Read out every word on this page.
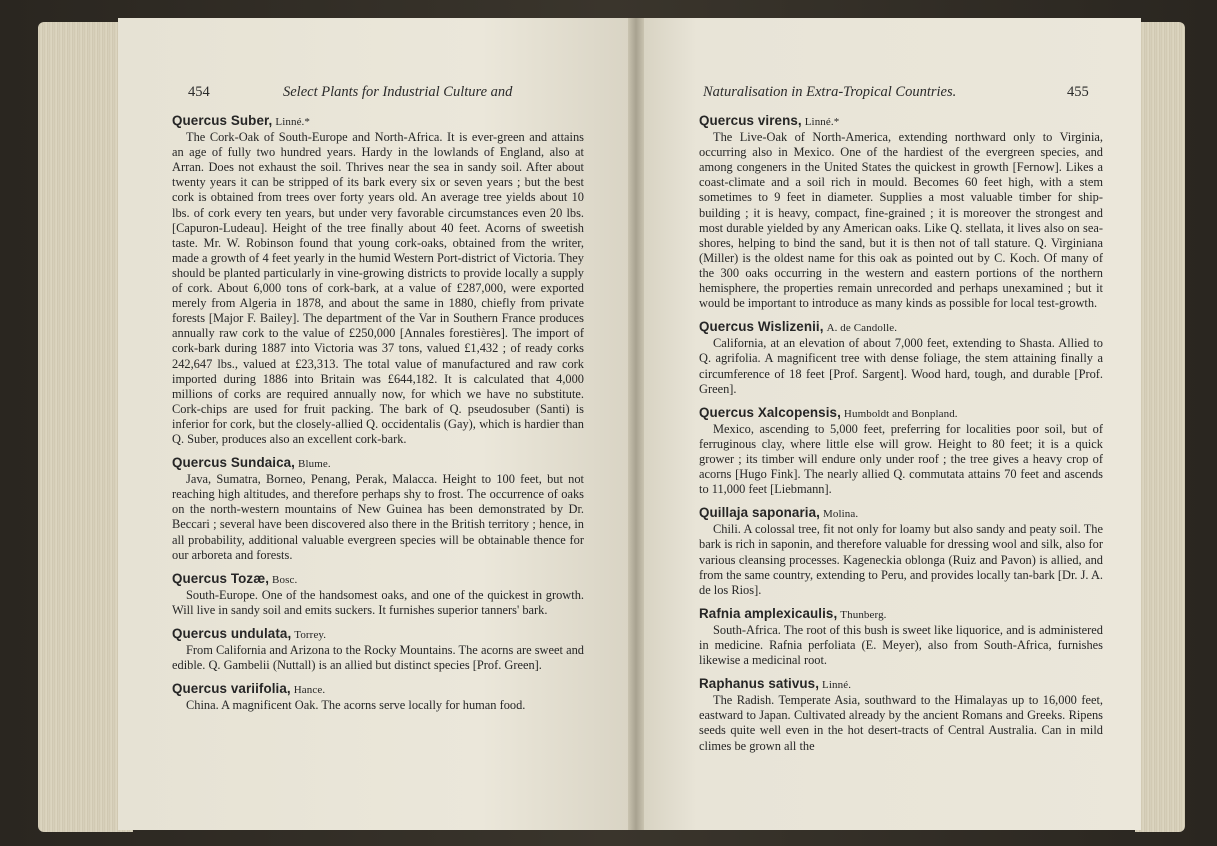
454	Select Plants for Industrial Culture and	Naturalisation in Extra-Tropical Countries.	455

Quercus Suber, Linné.*

The Cork-Oak of South-Europe and North-Africa. It is ever-green and attains an age of fully two hundred years. Hardy in the lowlands of England, also at Arran. Does not exhaust the soil. Thrives near the sea in sandy soil. After about twenty years it can be stripped of its bark every six or seven years ; but the best cork is obtained from trees over forty years old. An average tree yields about 10 lbs. of cork every ten years, but under very favorable circumstances even 20 lbs. [Capuron-Ludeau]. Height of the tree finally about 40 feet. Acorns of sweetish taste. Mr. W. Robinson found that young cork-oaks, obtained from the writer, made a growth of 4 feet yearly in the humid Western Port-district of Victoria. They should be planted particularly in vine-growing districts to provide locally a supply of cork. About 6,000 tons of cork-bark, at a value of £287,000, were exported merely from Algeria in 1878, and about the same in 1880, chiefly from private forests [Major F. Bailey]. The department of the Var in Southern France produces annually raw cork to the value of £250,000 [Annales forestières]. The import of cork-bark during 1887 into Victoria was 37 tons, valued £1,432 ; of ready corks 242,647 lbs., valued at £23,313. The total value of manufactured and raw cork imported during 1886 into Britain was £644,182. It is calculated that 4,000 millions of corks are required annually now, for which we have no substitute. Cork-chips are used for fruit packing. The bark of Q. pseudosuber (Santi) is inferior for cork, but the closely-allied Q. occidentalis (Gay), which is hardier than Q. Suber, produces also an excellent cork-bark.

Quercus Sundaica, Blume.

Java, Sumatra, Borneo, Penang, Perak, Malacca. Height to 100 feet, but not reaching high altitudes, and therefore perhaps shy to frost. The occurrence of oaks on the north-western mountains of New Guinea has been demonstrated by Dr. Beccari ; several have been discovered also there in the British territory ; hence, in all probability, additional valuable evergreen species will be obtainable thence for our arboreta and forests.

Quercus Tozæ, Bosc.

South-Europe. One of the handsomest oaks, and one of the quickest in growth. Will live in sandy soil and emits suckers. It furnishes superior tanners' bark.

Quercus undulata, Torrey.

From California and Arizona to the Rocky Mountains. The acorns are sweet and edible. Q. Gambelii (Nuttall) is an allied but distinct species [Prof. Green].

Quercus variifolia, Hance.

China. A magnificent Oak. The acorns serve locally for human food.

Quercus virens, Linné.*

The Live-Oak of North-America, extending northward only to Virginia, occurring also in Mexico. One of the hardiest of the evergreen species, and among congeners in the United States the quickest in growth [Fernow]. Likes a coast-climate and a soil rich in mould. Becomes 60 feet high, with a stem sometimes to 9 feet in diameter. Supplies a most valuable timber for ship-building ; it is heavy, compact, fine-grained ; it is moreover the strongest and most durable yielded by any American oaks. Like Q. stellata, it lives also on sea-shores, helping to bind the sand, but it is then not of tall stature. Q. Virginiana (Miller) is the oldest name for this oak as pointed out by C. Koch. Of many of the 300 oaks occurring in the western and eastern portions of the northern hemisphere, the properties remain unrecorded and perhaps unexamined ; but it would be important to introduce as many kinds as possible for local test-growth.

Quercus Wislizenii, A. de Candolle.

California, at an elevation of about 7,000 feet, extending to Shasta. Allied to Q. agrifolia. A magnificent tree with dense foliage, the stem attaining finally a circumference of 18 feet [Prof. Sargent]. Wood hard, tough, and durable [Prof. Green].

Quercus Xalcopensis, Humboldt and Bonpland.

Mexico, ascending to 5,000 feet, preferring for localities poor soil, but of ferruginous clay, where little else will grow. Height to 80 feet; it is a quick grower ; its timber will endure only under roof ; the tree gives a heavy crop of acorns [Hugo Fink]. The nearly allied Q. commutata attains 70 feet and ascends to 11,000 feet [Liebmann].

Quillaja saponaria, Molina.

Chili. A colossal tree, fit not only for loamy but also sandy and peaty soil. The bark is rich in saponin, and therefore valuable for dressing wool and silk, also for various cleansing processes. Kageneckia oblonga (Ruiz and Pavon) is allied, and from the same country, extending to Peru, and provides locally tan-bark [Dr. J. A. de los Rios].

Rafnia amplexicaulis, Thunberg.

South-Africa. The root of this bush is sweet like liquorice, and is administered in medicine. Rafnia perfoliata (E. Meyer), also from South-Africa, furnishes likewise a medicinal root.

Raphanus sativus, Linné.

The Radish. Temperate Asia, southward to the Himalayas up to 16,000 feet, eastward to Japan. Cultivated already by the ancient Romans and Greeks. Ripens seeds quite well even in the hot desert-tracts of Central Australia. Can in mild climes be grown all the
